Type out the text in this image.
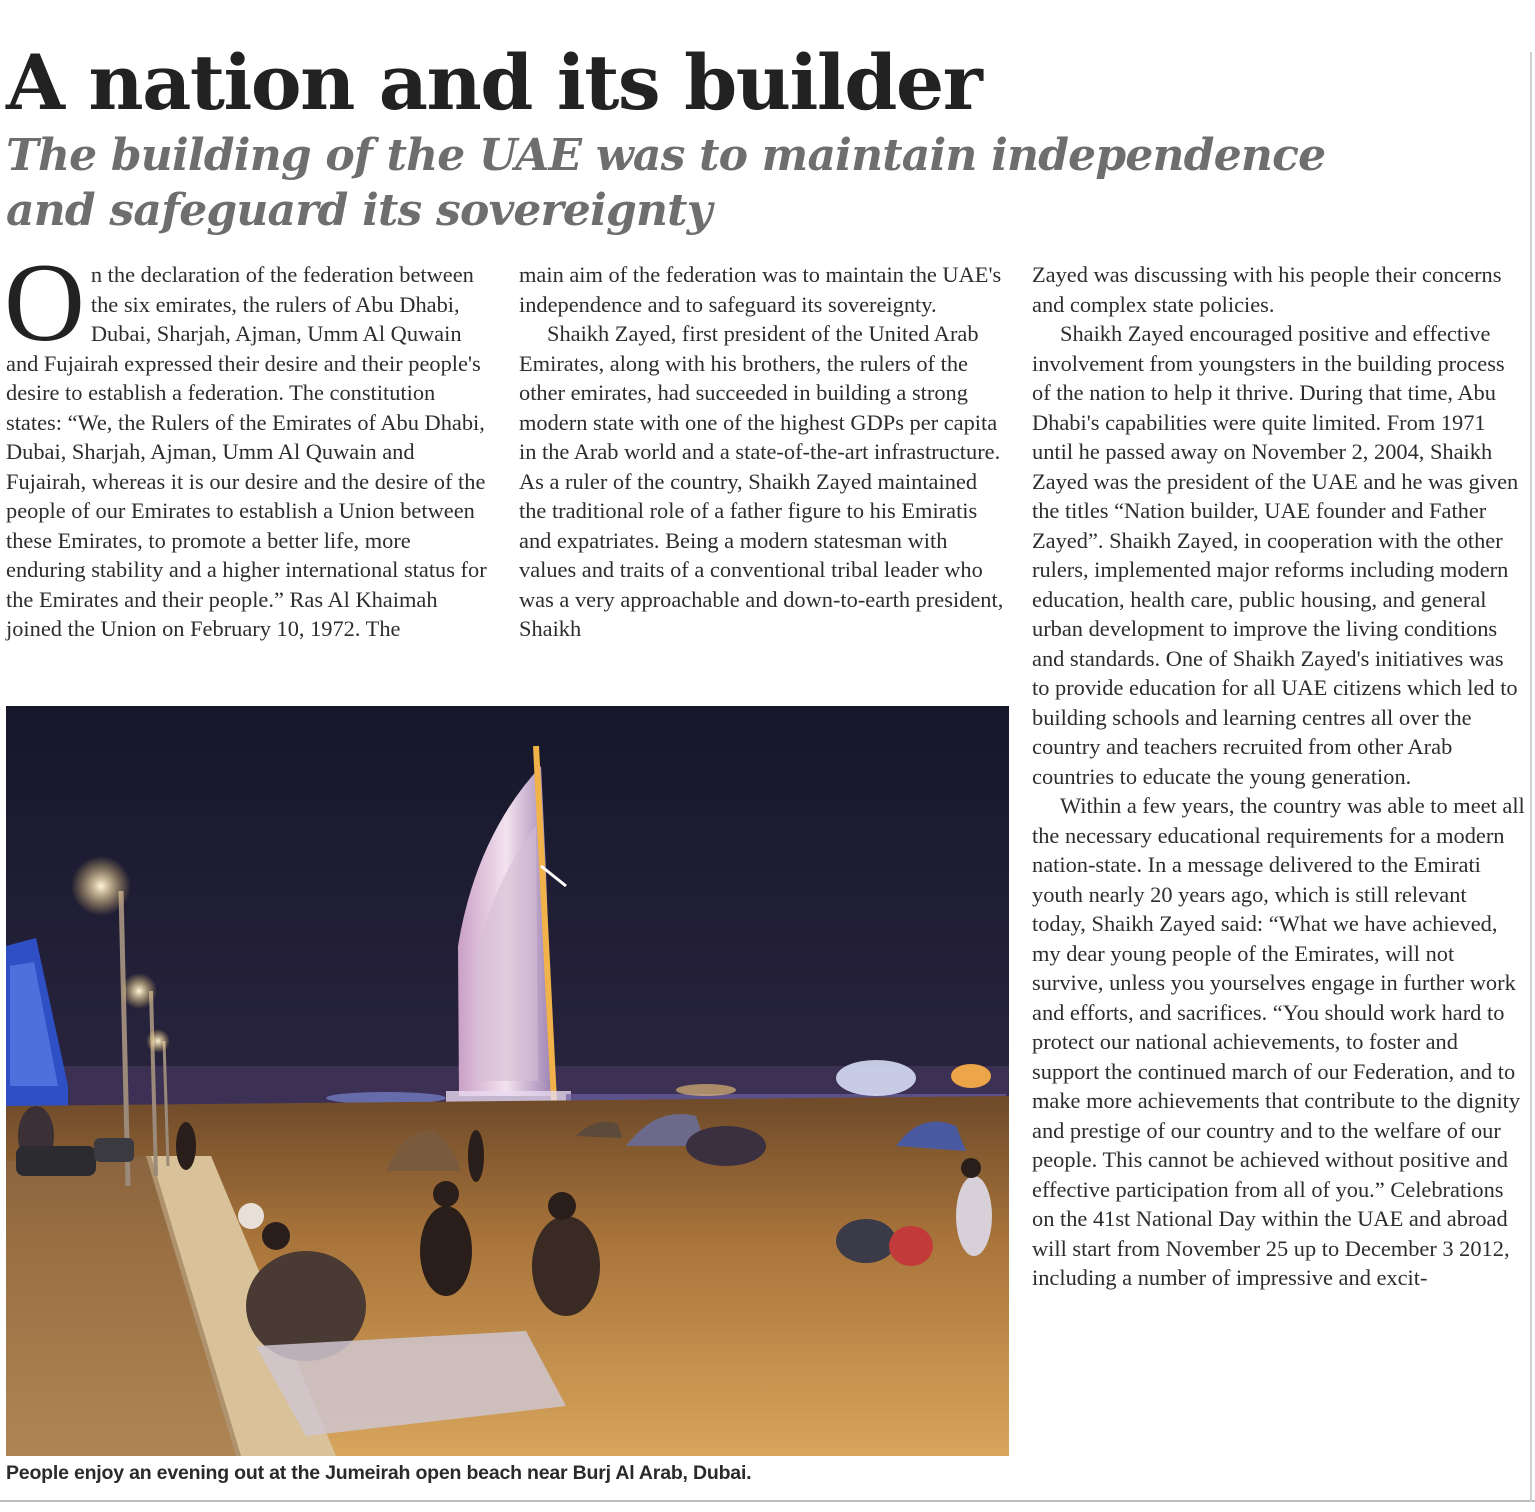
A nation and its builder
The building of the UAE was to maintain independence and safeguard its sovereignty
O n the declaration of the federation between the six emirates, the rulers of Abu Dhabi, Dubai, Sharjah, Ajman, Umm Al Quwain and Fujairah expressed their desire and their people's desire to establish a federation. The constitution states: “We, the Rulers of the Emirates of Abu Dhabi, Dubai, Sharjah, Ajman, Umm Al Quwain and Fujairah, whereas it is our desire and the desire of the people of our Emirates to establish a Union between these Emirates, to promote a better life, more enduring stability and a higher international status for the Emirates and their people.” Ras Al Khaimah joined the Union on February 10, 1972. The

main aim of the federation was to maintain the UAE's independence and to safeguard its sovereignty.

Shaikh Zayed, first president of the United Arab Emirates, along with his brothers, the rulers of the other emirates, had succeeded in building a strong modern state with one of the highest GDPs per capita in the Arab world and a state-of-the-art infrastructure. As a ruler of the country, Shaikh Zayed maintained the traditional role of a father figure to his Emiratis and expatriates. Being a modern statesman with values and traits of a conventional tribal leader who was a very approachable and down-to-earth president, Shaikh

Zayed was discussing with his people their concerns and complex state policies.

Shaikh Zayed encouraged positive and effective involvement from youngsters in the building process of the nation to help it thrive. During that time, Abu Dhabi's capabilities were quite limited. From 1971 until he passed away on November 2, 2004, Shaikh Zayed was the president of the UAE and he was given the titles “Nation builder, UAE founder and Father Zayed”. Shaikh Zayed, in cooperation with the other rulers, implemented major reforms including modern education, health care, public housing, and general urban development to improve the living conditions and standards. One of Shaikh Zayed's initiatives was to provide education for all UAE citizens which led to building schools and learning centres all over the country and teachers recruited from other Arab countries to educate the young generation.

Within a few years, the country was able to meet all the necessary educational requirements for a modern nation-state. In a message delivered to the Emirati youth nearly 20 years ago, which is still relevant today, Shaikh Zayed said: “What we have achieved, my dear young people of the Emirates, will not survive, unless you yourselves engage in further work and efforts, and sacrifices. “You should work hard to protect our national achievements, to foster and support the continued march of our Federation, and to make more achievements that contribute to the dignity and prestige of our country and to the welfare of our people. This cannot be achieved without positive and effective participation from all of you.” Celebrations on the 41st National Day within the UAE and abroad will start from November 25 up to December 3 2012, including a number of impressive and excit-

People enjoy an evening out at the Jumeirah open beach near Burj Al Arab, Dubai.
